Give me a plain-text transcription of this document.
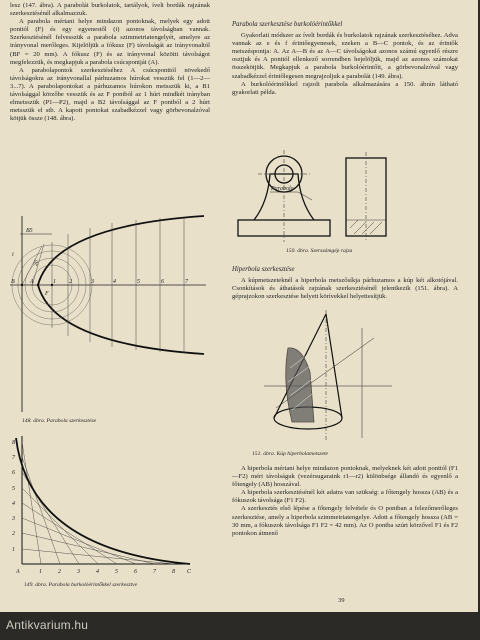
lesz (147. ábra). A parabolát burkolatok, tartályok, ívelt bordák rajzának szerkesztésénél alkalmazzuk.

A parabola mértani helye mindazon pontoknak, melyek egy adott ponttól (F) és egy egyenestől (i) azonos távolságban vannak. Szerkesztésénél felvesszük a parabola szimmetriatengelyét, amelyre az irányvonal merőleges. Kijelöljük a fókusz (F) távolságát az irányvonaltól (BF = 20 mm). A fókusz (F) és az irányvonal közötti távolságot megfelezzük, és megkapjuk a parabola csúcspontját (A).

A parabolapontok szerkesztéséhez A csúcsponttól növekedő távolságokra az irányvonallal párhuzamos húrokat vesszük fel (1—2—3...7). A parabolapontokat a párhuzamos húrokon metsszük ki, a B1 távolsággal körzőbe vesszük és az F pontból az 1 húrt mindkét irányban elmetsszük (P1—P2), majd a B2 távolsággal az F pontból a 2 húrt metsszük el stb. A kapott pontokat szabadkézzel vagy görbevonalzóval kötjük össze (148. ábra).

B5
i
20
B	A
F
1 2	3	4	5	6	7
148. ábra. Parabola szerkesztése
8
7
6
5
4
3
2
1
A	1	2	3	4	5	6	7	8 C
149. ábra. Parabola burkolóérintőkkel szerkesztve

Parabola szerkesztése burkolóérintőkkel

Gyakorlati módszer az ívelt bordák és burkolatok rajzának szerkesztéséhez. Adva vannak az e és f érintőegyenesek, ezeken a B—C pontok, és az érintők metszéspontja: A. Az A—B és az A—C távolságokat azonos számú egyenlő részre osztjuk és A ponttól ellenkező sorrendben hejelöljük, majd az azonos számokat összekötjük. Megkapjuk a parabola burkolóérintőit, a görbevonalzóval vagy szabadkézzel érintőlegesen megrajzoljuk a parabolát (149. ábra).

A burkolóérintőkkel rajzolt parabola alkalmazására a 150. ábrán látható gyakorlati példa.

Parabola
150. ábra. Szerszámgép rajza

Hiperbola szerkesztése

A kúpmetszeteknél a hiperbola metszősíkja párhuzamos a kúp két alkotójával. Csonkítások és áthatások rajzának szerkesztésénél jelentkezik (151. ábra). A géprajzokon szerkesztése helyett körívekkel helyettesítjük.

151. ábra. Kúp hiperbolametszete

A hiperbola mértani helye mindazon pontoknak, melyeknek két adott ponttól (F1—F2) mért távolságuk (vezérsugaraink r1—r2) különbsége állandó és egyenlő a főtengely (AB) hosszával.

A hiperbola szerkesztésénél két adatra van szükség: a főtengely hossza (AB) és a fókuszok távolsága (F1 F2).

A szerkesztés első lépése a főtengely felvétele és O pontban a felezőmerőleges szerkesztése, amely a hiperbola szimmetriatengelye. Adott a főtengely hossza (AB = 30 mm, a fókuszok távolsága F1 F2 = 42 mm). Az O pontba szúrt körzővel F1 és F2 pontokon átmenő

39
Antikvarium.hu
